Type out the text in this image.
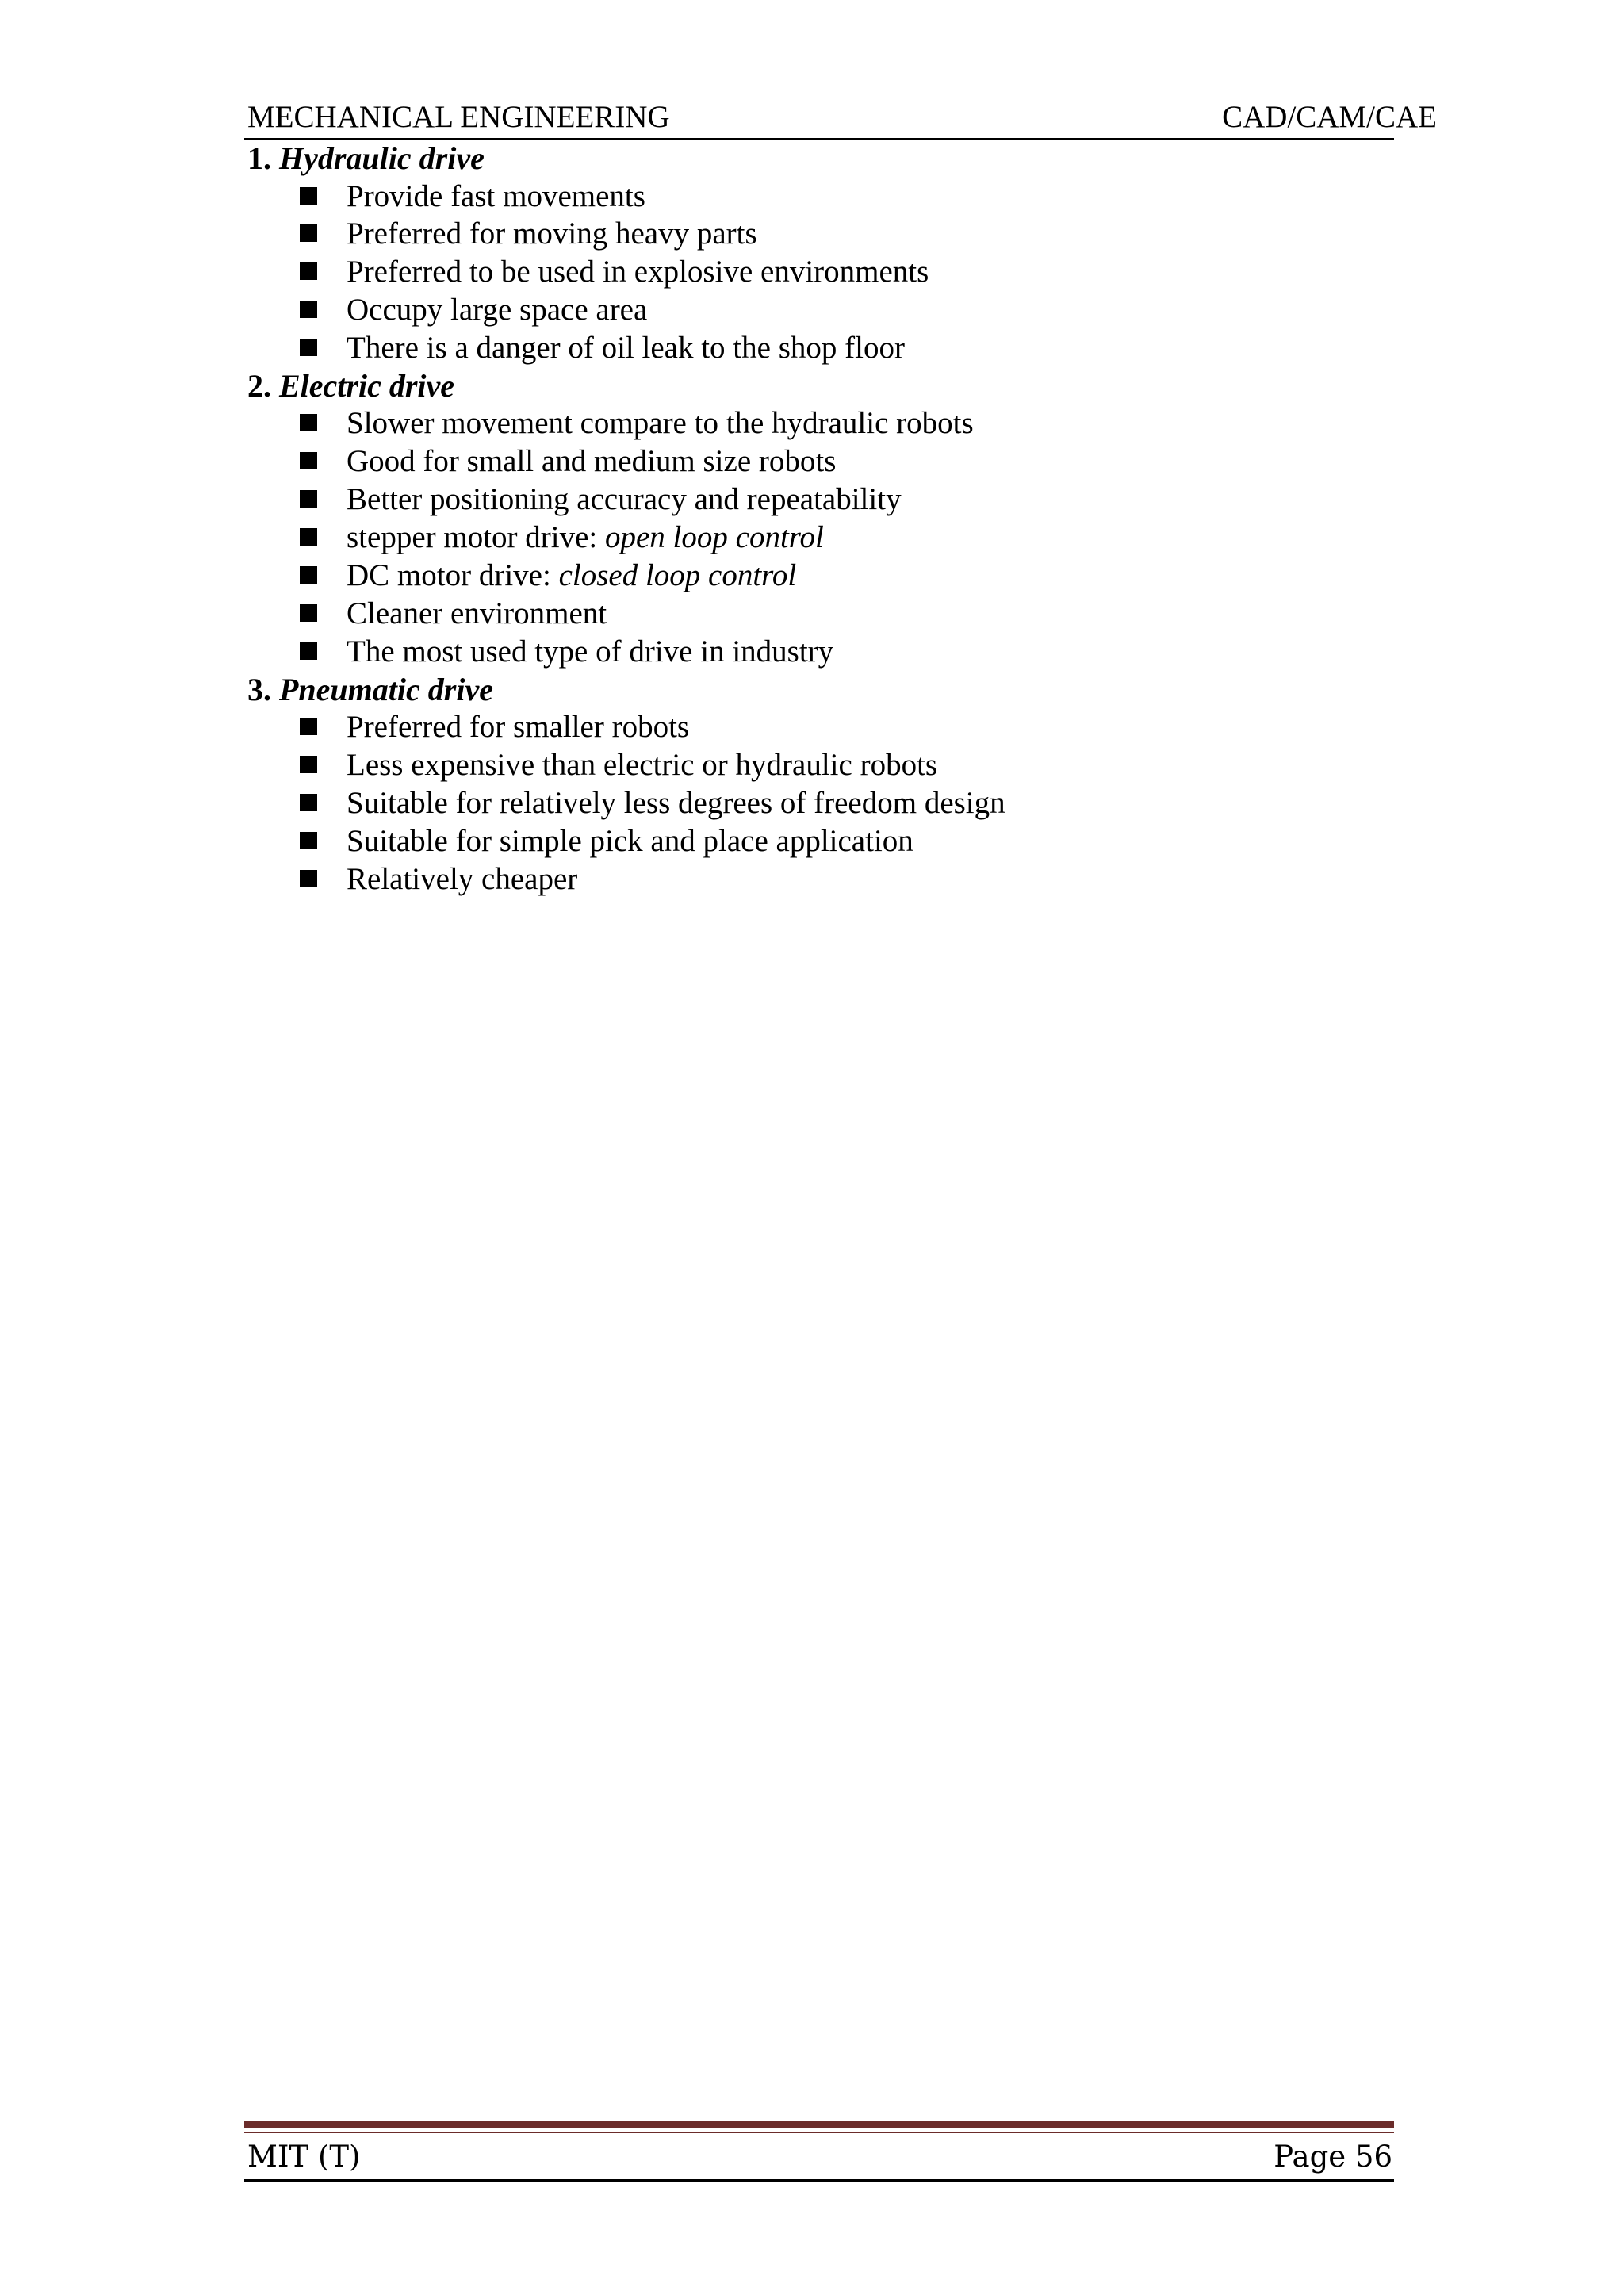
MECHANICAL ENGINEERING	CAD/CAM/CAE
1. Hydraulic drive
Provide fast movements
Preferred for moving heavy parts
Preferred to be used in explosive environments
Occupy large space area
There is a danger of oil leak to the shop floor
2. Electric drive
Slower movement compare to the hydraulic robots
Good for small and medium size robots
Better positioning accuracy and repeatability
stepper motor drive: open loop control
DC motor drive: closed loop control
Cleaner environment
The most used type of drive in industry
3. Pneumatic drive
Preferred for smaller robots
Less expensive than electric or hydraulic robots
Suitable for relatively less degrees of freedom design
Suitable for simple pick and place application
Relatively cheaper
MIT (T)	Page 56
